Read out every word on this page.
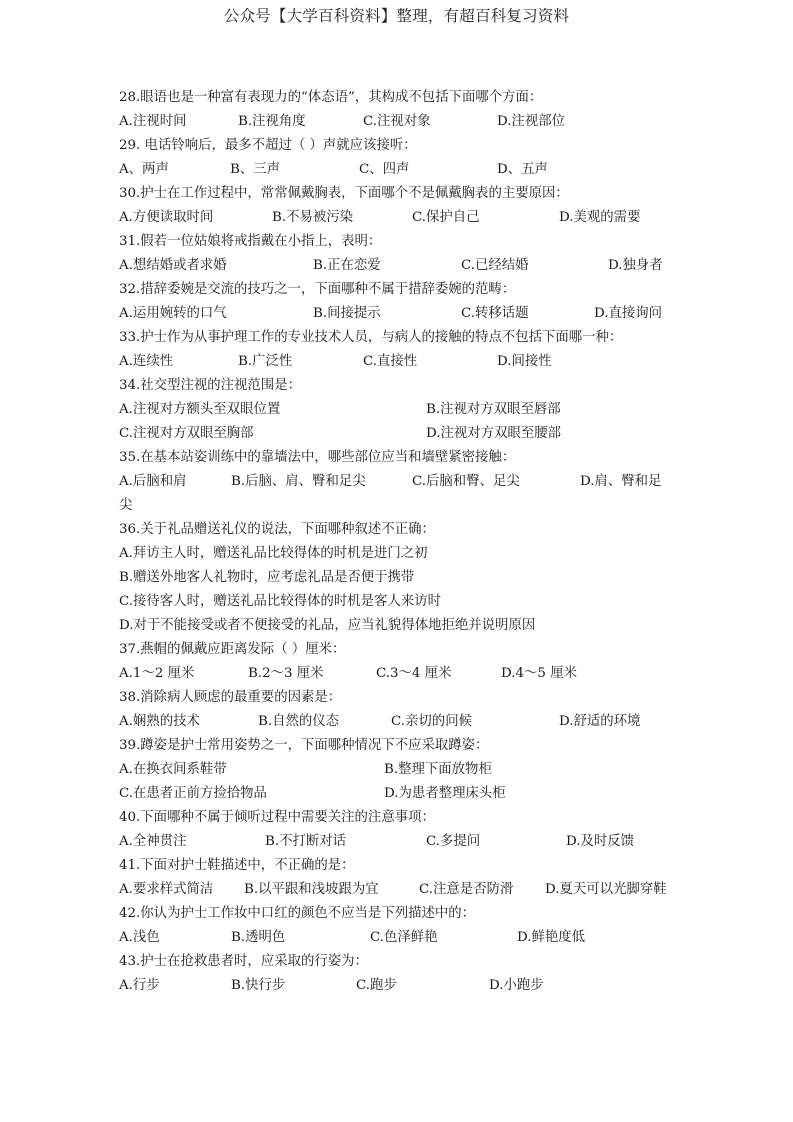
公众号【大学百科资料】整理，有超百科复习资料
28.眼语也是一种富有表现力的“体态语”，其构成不包括下面哪个方面：
A.注视时间	B.注视角度	C.注视对象	D.注视部位
29. 电话铃响后，最多不超过（ ）声就应该接听：
A、两声	B、三声	C、四声	D、五声
30.护士在工作过程中，常常佩戴胸表，下面哪个不是佩戴胸表的主要原因：
A.方便读取时间	B.不易被污染	C.保护自己	D.美观的需要
31.假若一位姑娘将戒指戴在小指上，表明：
A.想结婚或者求婚	B.正在恋爱	C.已经结婚	D.独身者
32.措辞委婉是交流的技巧之一，下面哪种不属于措辞委婉的范畴：
A.运用婉转的口气	B.间接提示	C.转移话题	D.直接询问
33.护士作为从事护理工作的专业技术人员，与病人的接触的特点不包括下面哪一种：
A.连续性	B.广泛性	C.直接性	D.间接性
34.社交型注视的注视范围是：
A.注视对方额头至双眼位置	B.注视对方双眼至唇部
C.注视对方双眼至胸部	D.注视对方双眼至腰部
35.在基本站姿训练中的靠墙法中，哪些部位应当和墙壁紧密接触：
A.后脑和肩	B.后脑、肩、臀和足尖	C.后脑和臀、足尖	D.肩、臀和足
尖
36.关于礼品赠送礼仪的说法，下面哪种叙述不正确：
A.拜访主人时，赠送礼品比较得体的时机是进门之初
B.赠送外地客人礼物时，应考虑礼品是否便于携带
C.接待客人时，赠送礼品比较得体的时机是客人来访时
D.对于不能接受或者不便接受的礼品，应当礼貌得体地拒绝并说明原因
37.燕帽的佩戴应距离发际（ ）厘米：
A.1～2 厘米	B.2～3 厘米	C.3～4 厘米	D.4～5 厘米
38.消除病人顾虑的最重要的因素是：
A.娴熟的技术	B.自然的仪态	C.亲切的问候	D.舒适的环境
39.蹲姿是护士常用姿势之一，下面哪种情况下不应采取蹲姿：
A.在换衣间系鞋带	B.整理下面放物柜
C.在患者正前方捡拾物品	D.为患者整理床头柜
40.下面哪种不属于倾听过程中需要关注的注意事项：
A.全神贯注	B.不打断对话	C.多提问	D.及时反馈
41.下面对护士鞋描述中，不正确的是：
A.要求样式简洁 B.以平跟和浅坡跟为宜	C.注意是否防滑 D.夏天可以光脚穿鞋
42.你认为护士工作妆中口红的颜色不应当是下列描述中的：
A.浅色	B.透明色	C.色泽鲜艳	D.鲜艳度低
43.护士在抢救患者时，应采取的行姿为：
A.行步	B.快行步	C.跑步	D.小跑步
